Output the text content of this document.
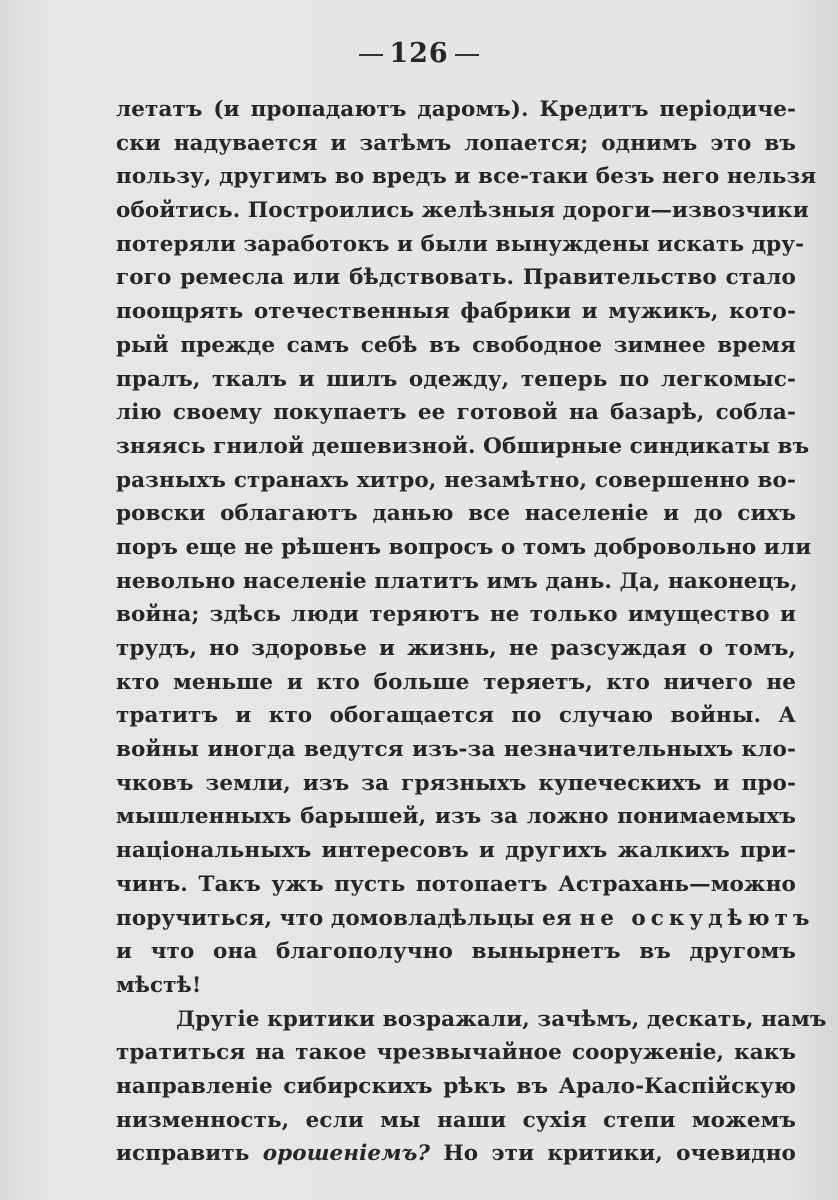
126
летатъ (и пропадаютъ даромъ). Кредитъ періодиче-
ски надувается и затѣмъ лопается; однимъ это въ
пользу, другимъ во вредъ и все-таки безъ него нельзя
обойтись. Построились желѣзныя дороги—извозчики
потеряли заработокъ и были вынуждены искать дру-
гого ремесла или бѣдствовать. Правительство стало
поощрять отечественныя фабрики и мужикъ, кото-
рый прежде самъ себѣ въ свободное зимнее время
пралъ, ткалъ и шилъ одежду, теперь по легкомыс-
лію своему покупаетъ ее готовой на базарѣ, собла-
зняясь гнилой дешевизной. Обширные синдикаты въ
разныхъ странахъ хитро, незамѣтно, совершенно во-
ровски облагаютъ данью все населеніе и до сихъ
поръ еще не рѣшенъ вопросъ о томъ добровольно или
невольно населеніе платитъ имъ дань. Да, наконецъ,
война; здѣсь люди теряютъ не только имущество и
трудъ, но здоровье и жизнь, не разсуждая о томъ,
кто меньше и кто больше теряетъ, кто ничего не
тратитъ и кто обогащается по случаю войны. А
войны иногда ведутся изъ-за незначительныхъ кло-
чковъ земли, изъ за грязныхъ купеческихъ и про-
мышленныхъ барышей, изъ за ложно понимаемыхъ
національныхъ интересовъ и другихъ жалкихъ при-
чинъ. Такъ ужъ пусть потопаетъ Астрахань—можно
поручиться, что домовладѣльцы ея не оскудѣютъ
и что она благополучно вынырнетъ въ другомъ
мѣстѣ!
Другіе критики возражали, зачѣмъ, дескать, намъ
тратиться на такое чрезвычайное сооруженіе, какъ
направленіе сибирскихъ рѣкъ въ Арало-Каспійскую
низменность, если мы наши сухія степи можемъ
исправить орошеніемъ? Но эти критики, очевидно
